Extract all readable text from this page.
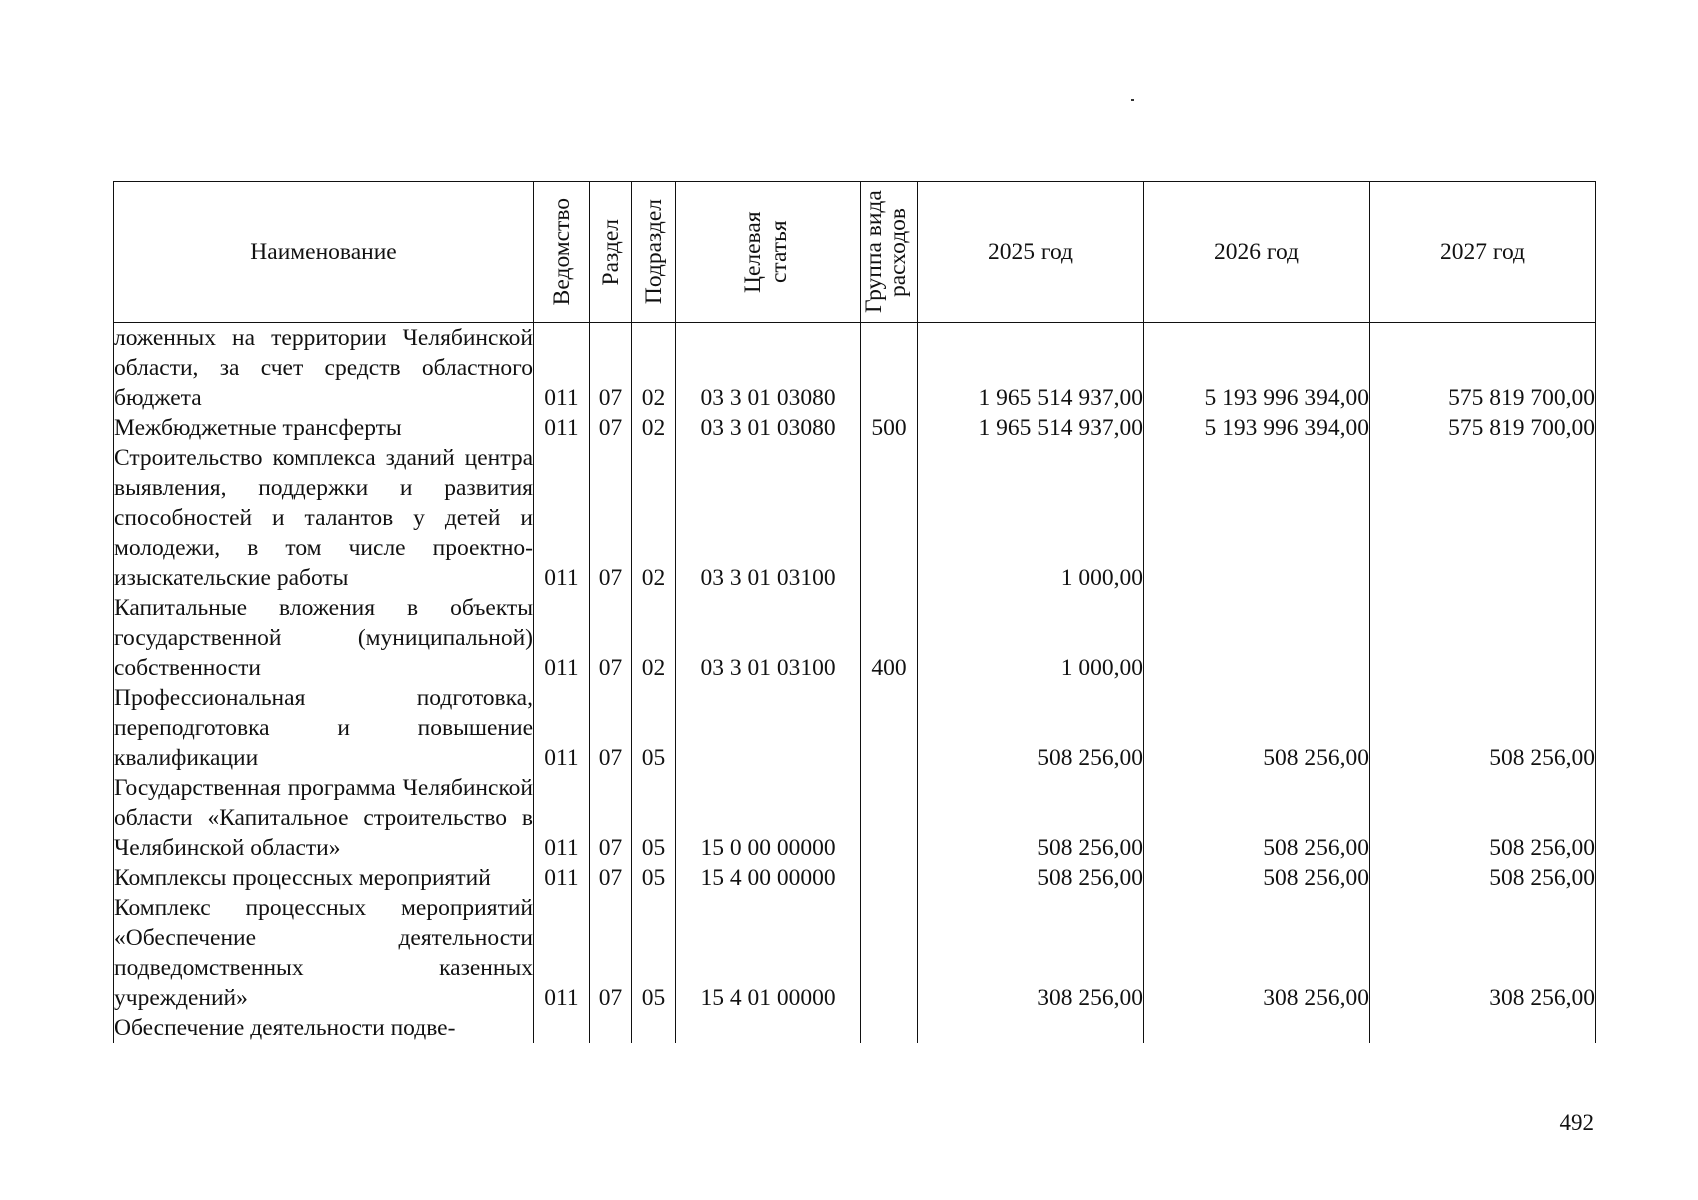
Наименование	Ведомство	Раздел	Подраздел	Целевая статья	Группа вида расходов	2025 год	2026 год	2027 год
ложенных на территории Челябинской области, за счет средств областного бюджета	011	07	02	03 3 01 03080		1 965 514 937,00	5 193 996 394,00	575 819 700,00
Межбюджетные трансферты	011	07	02	03 3 01 03080	500	1 965 514 937,00	5 193 996 394,00	575 819 700,00
Строительство комплекса зданий центра выявления, поддержки и развития способностей и талантов у детей и молодежи, в том числе проектно-изыскательские работы	011	07	02	03 3 01 03100		1 000,00		
Капитальные вложения в объекты государственной (муниципальной) собственности	011	07	02	03 3 01 03100	400	1 000,00		
Профессиональная подготовка, переподготовка и повышение квалификации	011	07	05			508 256,00	508 256,00	508 256,00
Государственная программа Челябинской области «Капитальное строительство в Челябинской области»	011	07	05	15 0 00 00000		508 256,00	508 256,00	508 256,00
Комплексы процессных мероприятий	011	07	05	15 4 00 00000		508 256,00	508 256,00	508 256,00
Комплекс процессных мероприятий «Обеспечение деятельности подведомственных казенных учреждений»	011	07	05	15 4 01 00000		308 256,00	308 256,00	308 256,00
Обеспечение деятельности подве-								
492
